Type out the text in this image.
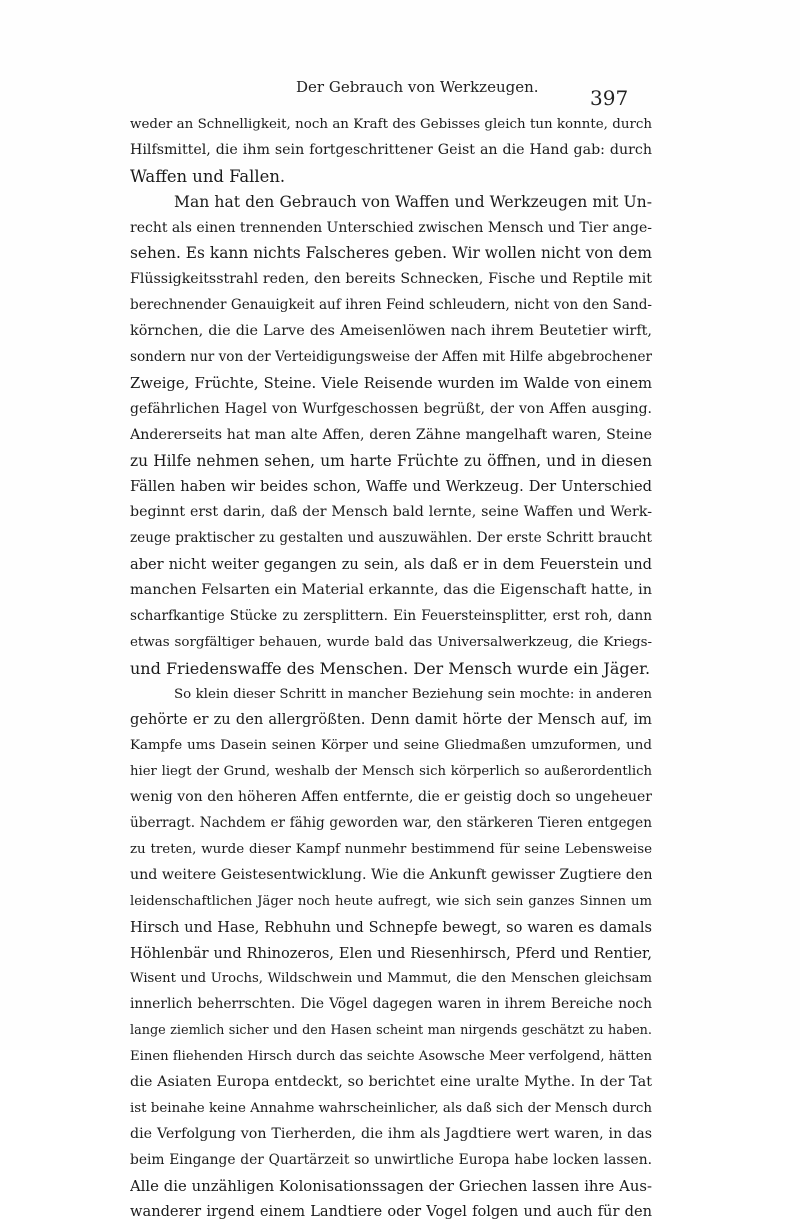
Der Gebrauch von Werkzeugen.	397
weder an Schnelligkeit, noch an Kraft des Gebisses gleich tun konnte, durch
Hilfsmittel, die ihm sein fortgeschrittener Geist an die Hand gab: durch
Waffen und Fallen.
Man hat den Gebrauch von Waffen und Werkzeugen mit Un-
recht als einen trennenden Unterschied zwischen Mensch und Tier ange-
sehen. Es kann nichts Falscheres geben. Wir wollen nicht von dem
Flüssigkeitsstrahl reden, den bereits Schnecken, Fische und Reptile mit
berechnender Genauigkeit auf ihren Feind schleudern, nicht von den Sand-
körnchen, die die Larve des Ameisenlöwen nach ihrem Beutetier wirft,
sondern nur von der Verteidigungsweise der Affen mit Hilfe abgebrochener
Zweige, Früchte, Steine. Viele Reisende wurden im Walde von einem
gefährlichen Hagel von Wurfgeschossen begrüßt, der von Affen ausging.
Andererseits hat man alte Affen, deren Zähne mangelhaft waren, Steine
zu Hilfe nehmen sehen, um harte Früchte zu öffnen, und in diesen
Fällen haben wir beides schon, Waffe und Werkzeug. Der Unterschied
beginnt erst darin, daß der Mensch bald lernte, seine Waffen und Werk-
zeuge praktischer zu gestalten und auszuwählen. Der erste Schritt braucht
aber nicht weiter gegangen zu sein, als daß er in dem Feuerstein und
manchen Felsarten ein Material erkannte, das die Eigenschaft hatte, in
scharfkantige Stücke zu zersplittern. Ein Feuersteinsplitter, erst roh, dann
etwas sorgfältiger behauen, wurde bald das Universalwerkzeug, die Kriegs-
und Friedenswaffe des Menschen. Der Mensch wurde ein Jäger.
So klein dieser Schritt in mancher Beziehung sein mochte: in anderen
gehörte er zu den allergrößten. Denn damit hörte der Mensch auf, im
Kampfe ums Dasein seinen Körper und seine Gliedmaßen umzuformen, und
hier liegt der Grund, weshalb der Mensch sich körperlich so außerordentlich
wenig von den höheren Affen entfernte, die er geistig doch so ungeheuer
überragt. Nachdem er fähig geworden war, den stärkeren Tieren entgegen
zu treten, wurde dieser Kampf nunmehr bestimmend für seine Lebensweise
und weitere Geistesentwicklung. Wie die Ankunft gewisser Zugtiere den
leidenschaftlichen Jäger noch heute aufregt, wie sich sein ganzes Sinnen um
Hirsch und Hase, Rebhuhn und Schnepfe bewegt, so waren es damals
Höhlenbär und Rhinozeros, Elen und Riesenhirsch, Pferd und Rentier,
Wisent und Urochs, Wildschwein und Mammut, die den Menschen gleichsam
innerlich beherrschten. Die Vögel dagegen waren in ihrem Bereiche noch
lange ziemlich sicher und den Hasen scheint man nirgends geschätzt zu haben.
Einen fliehenden Hirsch durch das seichte Asowsche Meer verfolgend, hätten
die Asiaten Europa entdeckt, so berichtet eine uralte Mythe. In der Tat
ist beinahe keine Annahme wahrscheinlicher, als daß sich der Mensch durch
die Verfolgung von Tierherden, die ihm als Jagdtiere wert waren, in das
beim Eingange der Quartärzeit so unwirtliche Europa habe locken lassen.
Alle die unzähligen Kolonisationssagen der Griechen lassen ihre Aus-
wanderer irgend einem Landtiere oder Vogel folgen und auch für den
